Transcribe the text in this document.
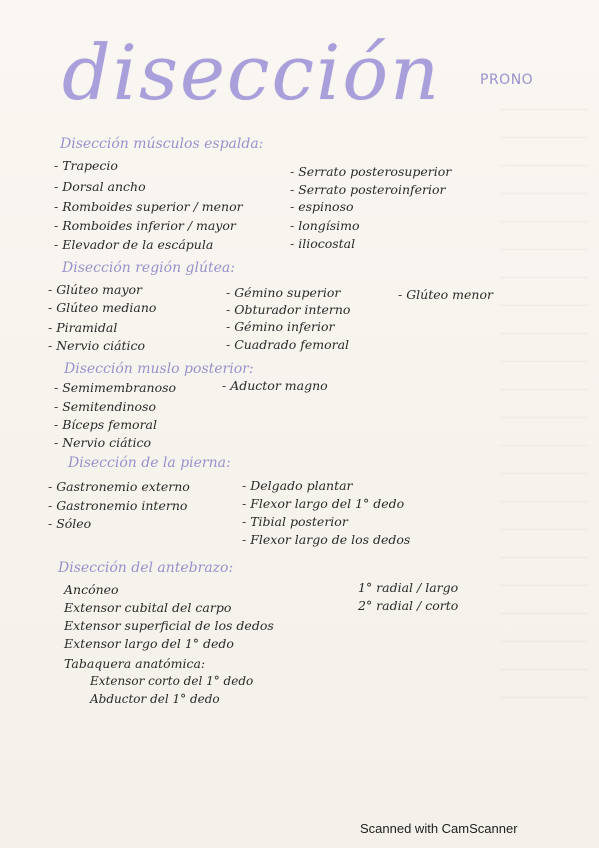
disección	PRONO
Disección músculos espalda:
- Trapecio
- Dorsal ancho
- Romboides superior / menor
- Romboides inferior / mayor
- Elevador de la escápula
- Serrato posterosuperior
- Serrato posteroinferior
- espinoso
- longísimo
- iliocostal
Disección región glútea:
- Glúteo mayor
- Glúteo mediano
- Piramidal
- Nervio ciático
- Gémino superior
- Obturador interno
- Gémino inferior
- Cuadrado femoral
- Glúteo menor
Disección muslo posterior:
- Semimembranoso
- Semitendinoso
- Bíceps femoral
- Nervio ciático
- Aductor magno
Disección de la pierna:
- Gastronemio externo
- Gastronemio interno
- Sóleo
- Delgado plantar
- Flexor largo del 1° dedo
- Tibial posterior
- Flexor largo de los dedos
Disección del antebrazo:
Ancóneo
Extensor cubital del carpo
Extensor superficial de los dedos
Extensor largo del 1° dedo
Tabaquera anatómica:
Extensor corto del 1° dedo
Abductor del 1° dedo
1° radial / largo
2° radial / corto
Scanned with CamScanner
